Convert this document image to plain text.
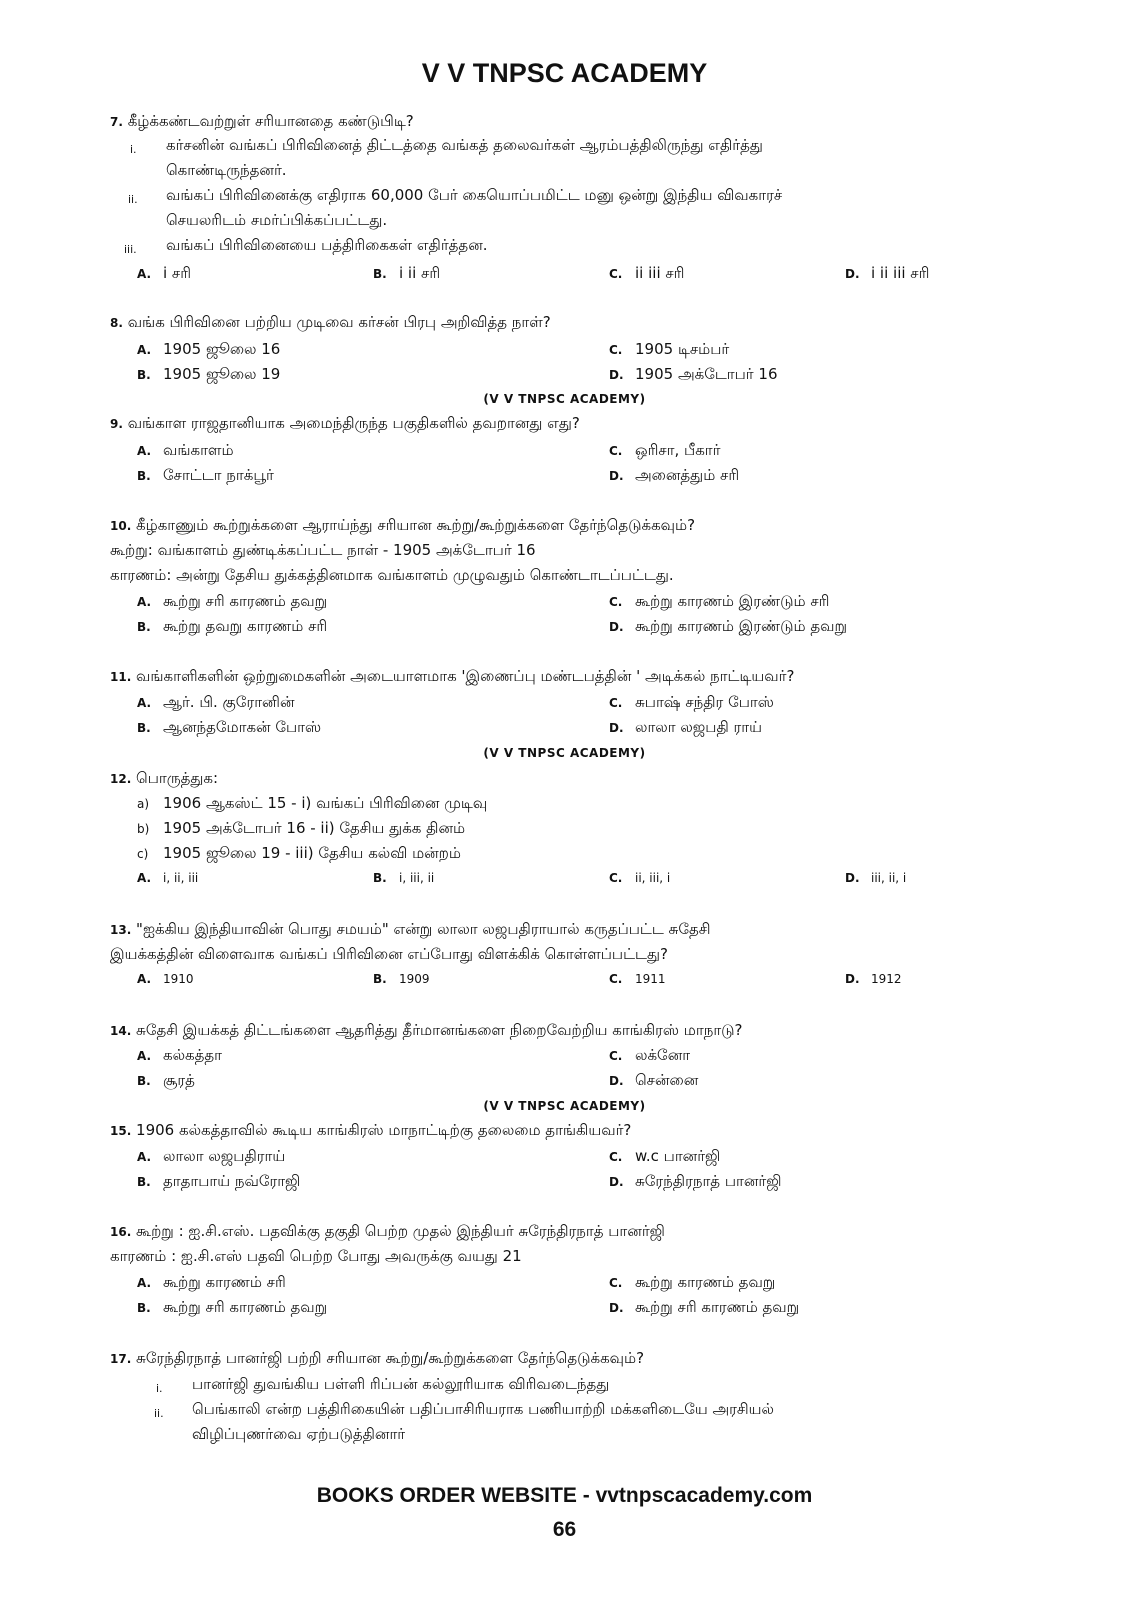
V V TNPSC ACADEMY
7. கீழ்க்கண்டவற்றுள் சரியானதை கண்டுபிடி?
i. கர்சனின் வங்கப் பிரிவினைத் திட்டத்தை வங்கத் தலைவர்கள் ஆரம்பத்திலிருந்து எதிர்த்து
கொண்டிருந்தனர்.
ii. வங்கப் பிரிவினைக்கு எதிராக 60,000 பேர் கையொப்பமிட்ட மனு ஒன்று இந்திய விவகாரச்
செயலரிடம் சமர்ப்பிக்கப்பட்டது.
iii. வங்கப் பிரிவினையை பத்திரிகைகள் எதிர்த்தன.
A. i சரி	B. i ii சரி	C. ii iii சரி	D. i ii iii சரி
8. வங்க பிரிவினை பற்றிய முடிவை கர்சன் பிரபு அறிவித்த நாள்?
A. 1905 ஜூலை 16	C. 1905 டிசம்பர்
B. 1905 ஜூலை 19	D. 1905 அக்டோபர் 16
(V V TNPSC ACADEMY)
9. வங்காள ராஜதானியாக அமைந்திருந்த பகுதிகளில் தவறானது எது?
A. வங்காளம்	C. ஒரிசா, பீகார்
B. சோட்டா நாக்பூர்	D. அனைத்தும் சரி
10. கீழ்காணும் கூற்றுக்களை ஆராய்ந்து சரியான கூற்று/கூற்றுக்களை தேர்ந்தெடுக்கவும்?
கூற்று: வங்காளம் துண்டிக்கப்பட்ட நாள் - 1905 அக்டோபர் 16
காரணம்: அன்று தேசிய துக்கத்தினமாக வங்காளம் முழுவதும் கொண்டாடப்பட்டது.
A. கூற்று சரி காரணம் தவறு	C. கூற்று காரணம் இரண்டும் சரி
B. கூற்று தவறு காரணம் சரி	D. கூற்று காரணம் இரண்டும் தவறு
11. வங்காளிகளின் ஒற்றுமைகளின் அடையாளமாக 'இணைப்பு மண்டபத்தின் ' அடிக்கல் நாட்டியவர்?
A. ஆர். பி. குரோனின்	C. சுபாஷ் சந்திர போஸ்
B. ஆனந்தமோகன் போஸ்	D. லாலா லஜபதி ராய்
(V V TNPSC ACADEMY)
12. பொருத்துக:
a) 1906 ஆகஸ்ட் 15 - i) வங்கப் பிரிவினை முடிவு
b) 1905 அக்டோபர் 16 - ii) தேசிய துக்க தினம்
c) 1905 ஜூலை 19 - iii) தேசிய கல்வி மன்றம்
A. i, ii, iii	B. i, iii, ii	C. ii, iii, i	D. iii, ii, i
13. "ஐக்கிய இந்தியாவின் பொது சமயம்" என்று லாலா லஜபதிராயால் கருதப்பட்ட சுதேசி
இயக்கத்தின் விளைவாக வங்கப் பிரிவினை எப்போது விளக்கிக் கொள்ளப்பட்டது?
A. 1910	B. 1909	C. 1911	D. 1912
14. சுதேசி இயக்கத் திட்டங்களை ஆதரித்து தீர்மானங்களை நிறைவேற்றிய காங்கிரஸ் மாநாடு?
A. கல்கத்தா	C. லக்னோ
B. சூரத்	D. சென்னை
(V V TNPSC ACADEMY)
15. 1906 கல்கத்தாவில் கூடிய காங்கிரஸ் மாநாட்டிற்கு தலைமை தாங்கியவர்?
A. லாலா லஜபதிராய்	C. w.c பானர்ஜி
B. தாதாபாய் நவ்ரோஜி	D. சுரேந்திரநாத் பானர்ஜி
16. கூற்று : ஐ.சி.எஸ். பதவிக்கு தகுதி பெற்ற முதல் இந்தியர் சுரேந்திரநாத் பானர்ஜி
காரணம் : ஐ.சி.எஸ் பதவி பெற்ற போது அவருக்கு வயது 21
A. கூற்று காரணம் சரி	C. கூற்று காரணம் தவறு
B. கூற்று சரி காரணம் தவறு	D. கூற்று சரி காரணம் தவறு
17. சுரேந்திரநாத் பானர்ஜி பற்றி சரியான கூற்று/கூற்றுக்களை தேர்ந்தெடுக்கவும்?
i. பானர்ஜி துவங்கிய பள்ளி ரிப்பன் கல்லூரியாக விரிவடைந்தது
ii. பெங்காலி என்ற பத்திரிகையின் பதிப்பாசிரியராக பணியாற்றி மக்களிடையே அரசியல்
விழிப்புணர்வை ஏற்படுத்தினார்
BOOKS ORDER WEBSITE - vvtnpscacademy.com
66
